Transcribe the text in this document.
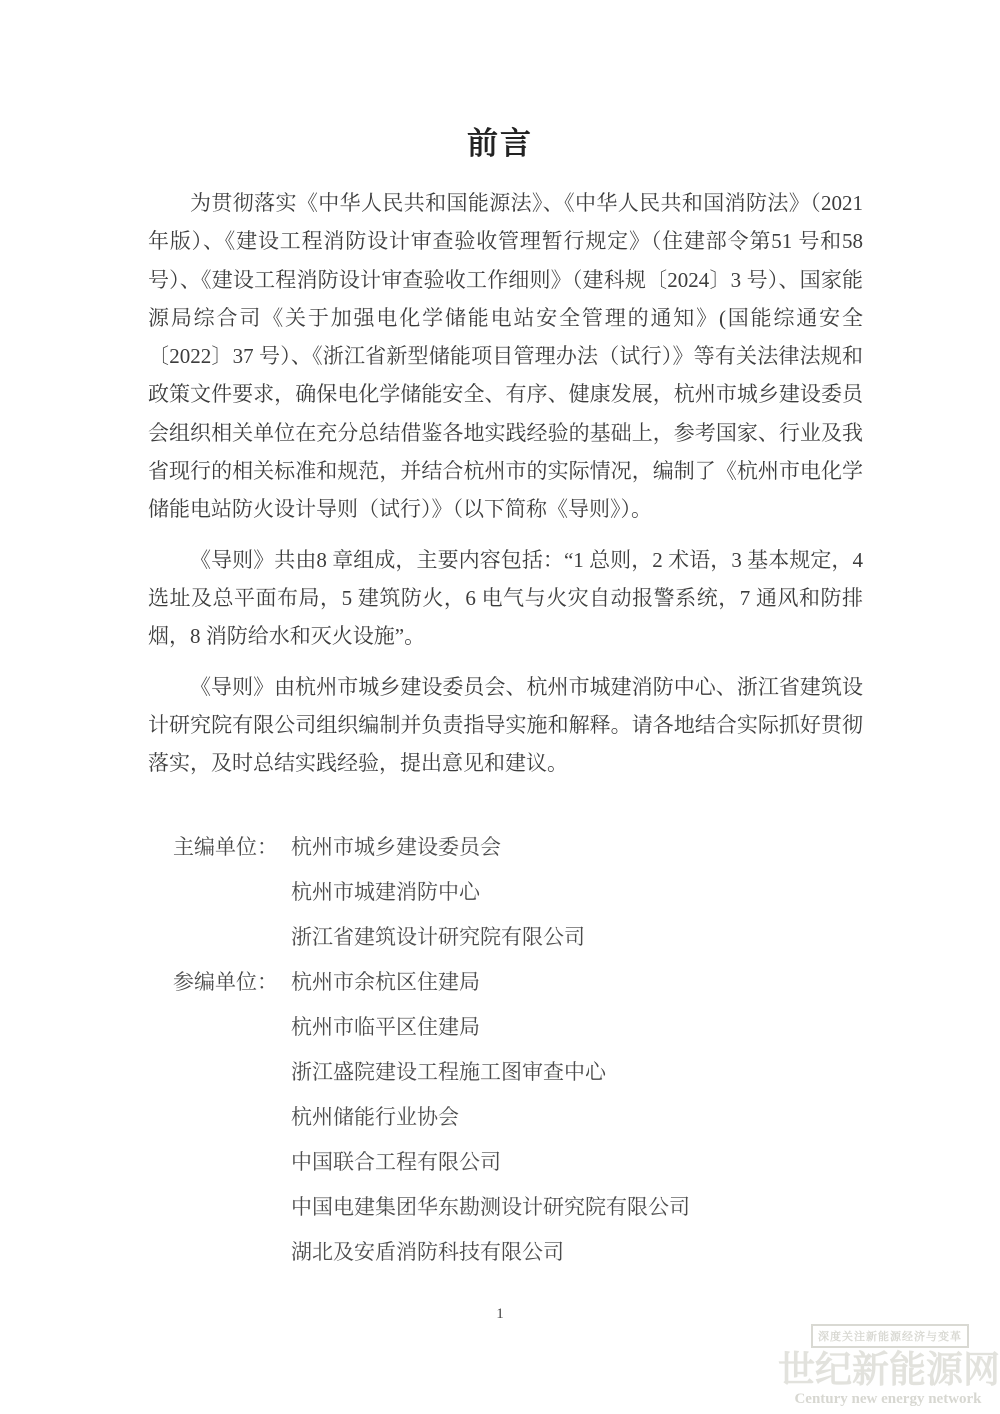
前言

为贯彻落实《中华人民共和国能源法》、《中华人民共和国消防法》（2021年版）、《建设工程消防设计审查验收管理暂行规定》（住建部令第51 号和58号）、《建设工程消防设计审查验收工作细则》（建科规〔2024〕3 号）、国家能源局综合司《关于加强电化学储能电站安全管理的通知》(国能综通安全〔2022〕37 号）、《浙江省新型储能项目管理办法（试行）》等有关法律法规和政策文件要求，确保电化学储能安全、有序、健康发展，杭州市城乡建设委员会组织相关单位在充分总结借鉴各地实践经验的基础上，参考国家、行业及我省现行的相关标准和规范，并结合杭州市的实际情况，编制了《杭州市电化学储能电站防火设计导则（试行）》（以下简称《导则》）。

《导则》共由8 章组成，主要内容包括：“1 总则，2 术语，3 基本规定，4 选址及总平面布局，5 建筑防火，6 电气与火灾自动报警系统，7 通风和防排烟，8 消防给水和灭火设施”。

《导则》由杭州市城乡建设委员会、杭州市城建消防中心、浙江省建筑设计研究院有限公司组织编制并负责指导实施和解释。请各地结合实际抓好贯彻落实，及时总结实践经验，提出意见和建议。

主编单位： 杭州市城乡建设委员会
杭州市城建消防中心
浙江省建筑设计研究院有限公司
参编单位： 杭州市余杭区住建局
杭州市临平区住建局
浙江盛院建设工程施工图审查中心
杭州储能行业协会
中国联合工程有限公司
中国电建集团华东勘测设计研究院有限公司
湖北及安盾消防科技有限公司
1
深度关注新能源经济与变革
世纪新能源网
Century new energy network
